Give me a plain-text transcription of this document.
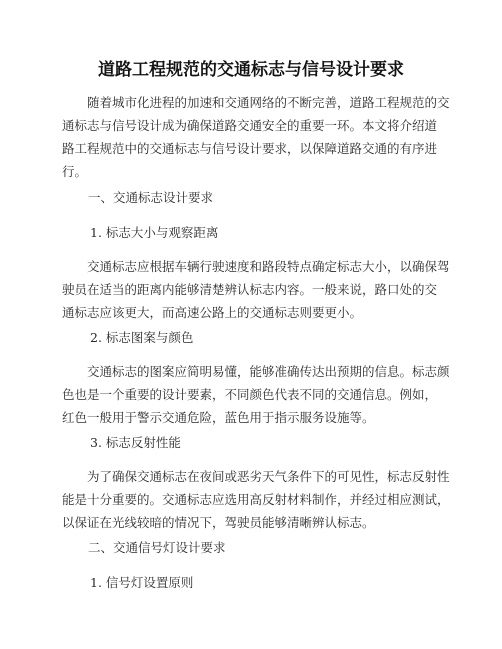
道路工程规范的交通标志与信号设计要求
随着城市化进程的加速和交通网络的不断完善，道路工程规范的交
通标志与信号设计成为确保道路交通安全的重要一环。本文将介绍道
路工程规范中的交通标志与信号设计要求，以保障道路交通的有序进
行。
一、交通标志设计要求
1. 标志大小与观察距离
交通标志应根据车辆行驶速度和路段特点确定标志大小，以确保驾
驶员在适当的距离内能够清楚辨认标志内容。一般来说，路口处的交
通标志应该更大，而高速公路上的交通标志则要更小。
2. 标志图案与颜色
交通标志的图案应简明易懂，能够准确传达出预期的信息。标志颜
色也是一个重要的设计要素，不同颜色代表不同的交通信息。例如，
红色一般用于警示交通危险，蓝色用于指示服务设施等。
3. 标志反射性能
为了确保交通标志在夜间或恶劣天气条件下的可见性，标志反射性
能是十分重要的。交通标志应选用高反射材料制作，并经过相应测试，
以保证在光线较暗的情况下，驾驶员能够清晰辨认标志。
二、交通信号灯设计要求
1. 信号灯设置原则
